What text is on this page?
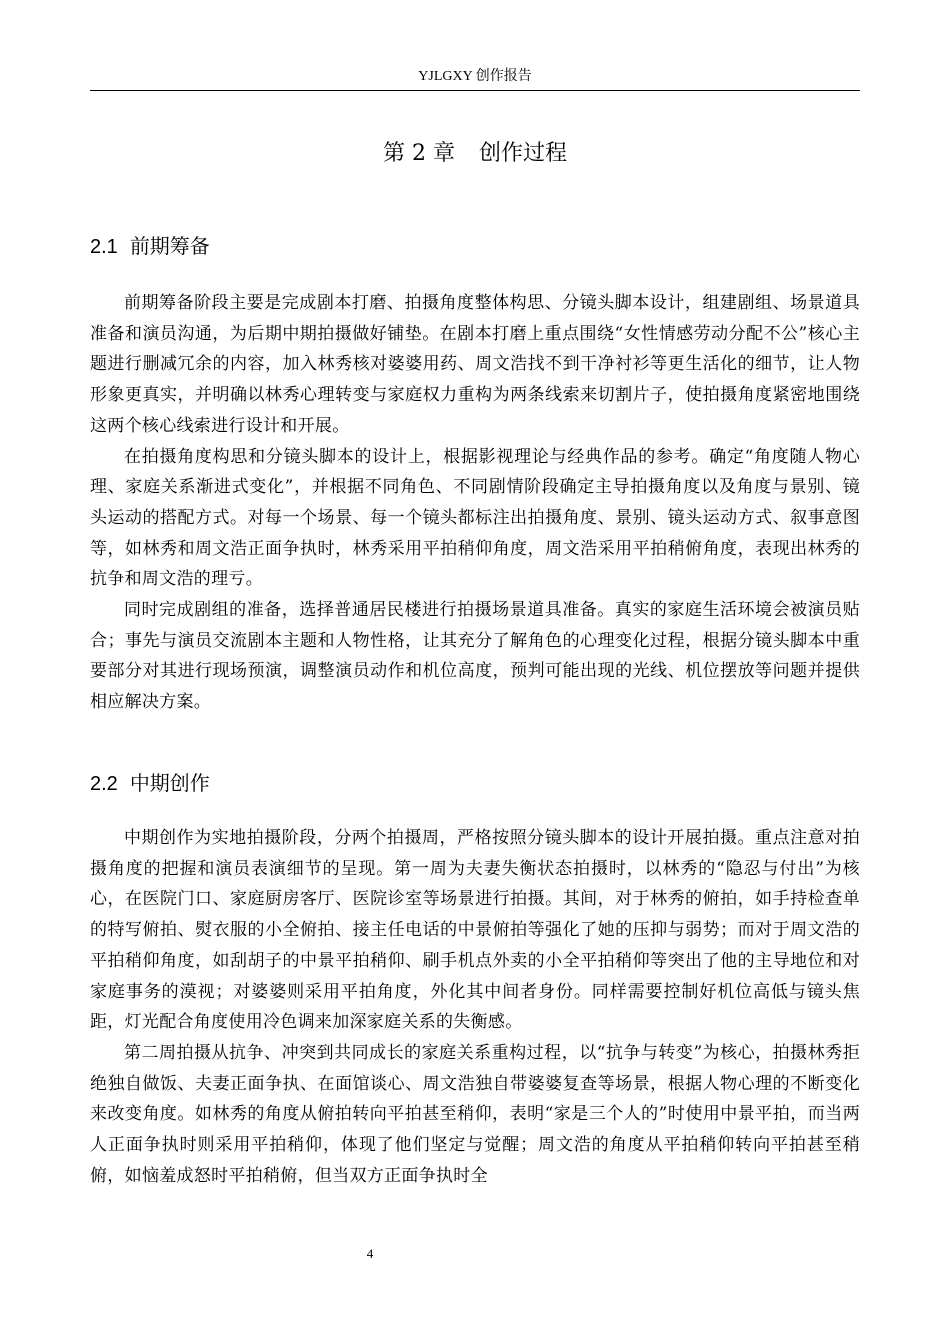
YJLGXY 创作报告
第 2 章 创作过程
2.1 前期筹备

前期筹备阶段主要是完成剧本打磨、拍摄角度整体构思、分镜头脚本设计，组建剧组、场景道具准备和演员沟通，为后期中期拍摄做好铺垫。在剧本打磨上重点围绕“女性情感劳动分配不公”核心主题进行删减冗余的内容，加入林秀核对婆婆用药、周文浩找不到干净衬衫等更生活化的细节，让人物形象更真实，并明确以林秀心理转变与家庭权力重构为两条线索来切割片子，使拍摄角度紧密地围绕这两个核心线索进行设计和开展。

在拍摄角度构思和分镜头脚本的设计上，根据影视理论与经典作品的参考。确定“角度随人物心理、家庭关系渐进式变化”，并根据不同角色、不同剧情阶段确定主导拍摄角度以及角度与景别、镜头运动的搭配方式。对每一个场景、每一个镜头都标注出拍摄角度、景别、镜头运动方式、叙事意图等，如林秀和周文浩正面争执时，林秀采用平拍稍仰角度，周文浩采用平拍稍俯角度，表现出林秀的抗争和周文浩的理亏。

同时完成剧组的准备，选择普通居民楼进行拍摄场景道具准备。真实的家庭生活环境会被演员贴合；事先与演员交流剧本主题和人物性格，让其充分了解角色的心理变化过程，根据分镜头脚本中重要部分对其进行现场预演，调整演员动作和机位高度，预判可能出现的光线、机位摆放等问题并提供相应解决方案。

2.2 中期创作

中期创作为实地拍摄阶段，分两个拍摄周，严格按照分镜头脚本的设计开展拍摄。重点注意对拍摄角度的把握和演员表演细节的呈现。第一周为夫妻失衡状态拍摄时，以林秀的“隐忍与付出”为核心，在医院门口、家庭厨房客厅、医院诊室等场景进行拍摄。其间，对于林秀的俯拍，如手持检查单的特写俯拍、熨衣服的小全俯拍、接主任电话的中景俯拍等强化了她的压抑与弱势；而对于周文浩的平拍稍仰角度，如刮胡子的中景平拍稍仰、刷手机点外卖的小全平拍稍仰等突出了他的主导地位和对家庭事务的漠视；对婆婆则采用平拍角度，外化其中间者身份。同样需要控制好机位高低与镜头焦距，灯光配合角度使用冷色调来加深家庭关系的失衡感。

第二周拍摄从抗争、冲突到共同成长的家庭关系重构过程，以“抗争与转变”为核心，拍摄林秀拒绝独自做饭、夫妻正面争执、在面馆谈心、周文浩独自带婆婆复查等场景，根据人物心理的不断变化来改变角度。如林秀的角度从俯拍转向平拍甚至稍仰，表明“家是三个人的”时使用中景平拍，而当两人正面争执时则采用平拍稍仰，体现了他们坚定与觉醒；周文浩的角度从平拍稍仰转向平拍甚至稍俯，如恼羞成怒时平拍稍俯，但当双方正面争执时全

4
